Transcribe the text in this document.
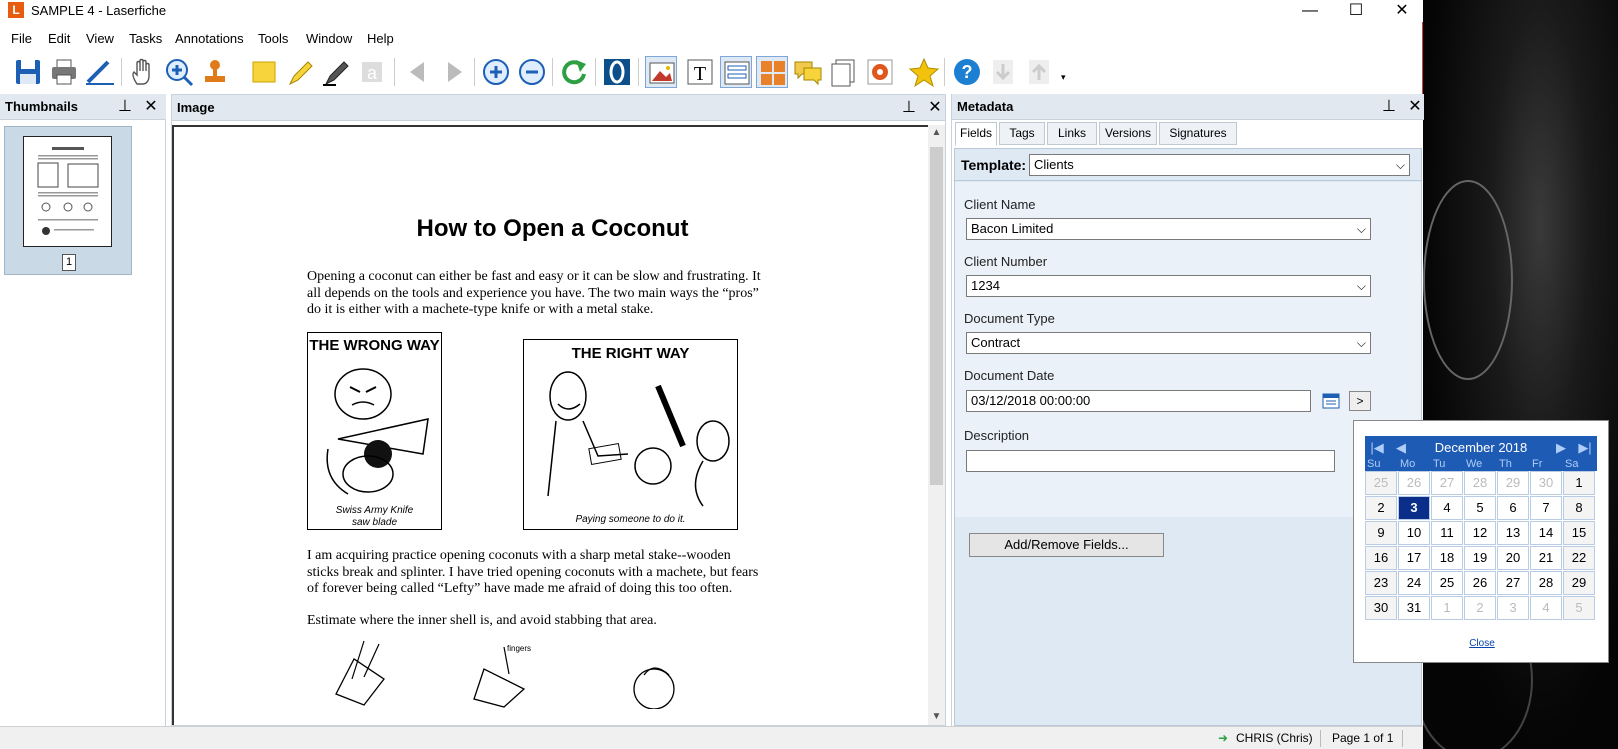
L SAMPLE 4 - Laserfiche	—	☐	✕
File Edit View Tasks Annotations Tools Window Help
a	T	?	▾
Thumbnails	⊥ ✕
1
Image	⊥ ✕
How to Open a Coconut
Opening a coconut can either be fast and easy or it can be slow and frustrating. It
all depends on the tools and experience you have. The two main ways the “pros”
do it is either with a machete-type knife or with a metal stake.
THE WRONG WAY
Swiss Army Knife
saw blade
THE RIGHT WAY
Paying someone to do it.
I am acquiring practice opening coconuts with a sharp metal stake--wooden
sticks break and splinter. I have tried opening coconuts with a machete, but fears
of forever being called “Lefty” have made me afraid of doing this too often.
Estimate where the inner shell is, and avoid stabbing that area.
fingers
▲
▼
Metadata	⊥ ✕
Fields	Tags	Links	Versions	Signatures
Template: Clients	⌵
Client Name
Bacon Limited	⌵
Client Number
1234	⌵
Document Type
Contract	⌵
Document Date
03/12/2018 00:00:00	>
Description
Add/Remove Fields...
➜ CHRIS (Chris) Page 1 of 1
|◀ ◀	December 2018	▶ ▶|
Su Mo Tu We Th Fr Sa
25	26	27	28	29	30	1
2	3	4	5	6	7	8
9	10	11	12	13	14	15
16	17	18	19	20	21	22
23	24	25	26	27	28	29
30	31	1	2	3	4	5
Close
